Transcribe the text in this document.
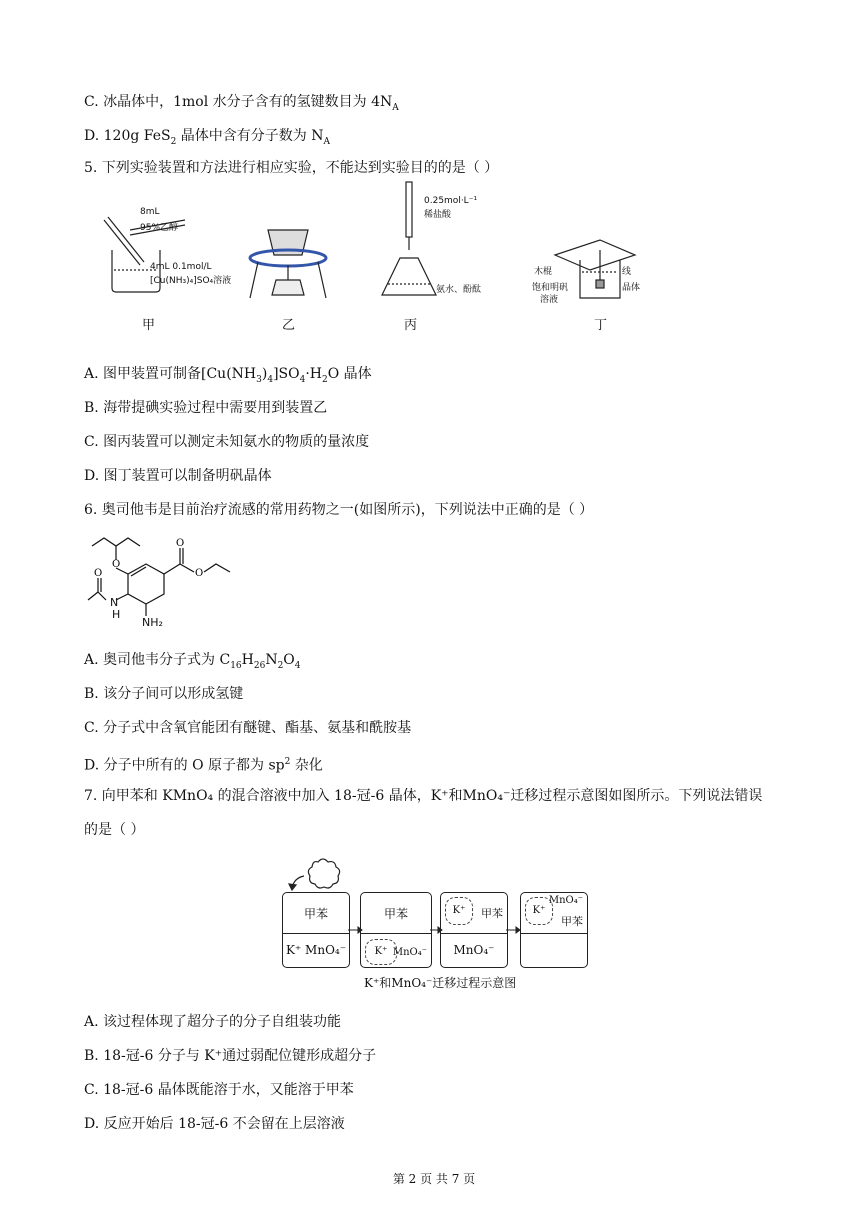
C. 冰晶体中，1mol 水分子含有的氢键数目为 $4N_A$
D. 120g FeS$_2$ 晶体中含有分子数为 $N_A$
5. 下列实验装置和方法进行相应实验，不能达到实验目的的是（ ）
8mL
95%乙醇
4mL 0.1mol/L
[Cu(NH₃)₄]SO₄溶液
0.25mol·L⁻¹
稀盐酸
氨水、酚酞
木棍	线
饱和明矾
溶液
晶体
甲	乙	丙	丁
A. 图甲装置可制备$[Cu(NH_3)_4]SO_4\cdot H_2O$ 晶体
B. 海带提碘实验过程中需要用到装置乙
C. 图丙装置可以测定未知氨水的物质的量浓度
D. 图丁装置可以制备明矾晶体
6. 奥司他韦是目前治疗流感的常用药物之一(如图所示)，下列说法中正确的是（ ）
O
O
O
O
N
H
NH₂
A. 奥司他韦分子式为 $C_{16}H_{26}N_2O_4$
B. 该分子间可以形成氢键
C. 分子式中含氧官能团有醚键、酯基、氨基和酰胺基
D. 分子中所有的 O 原子都为 $sp^2$ 杂化
7. 向甲苯和 KMnO₄ 的混合溶液中加入 18-冠-6 晶体，K⁺和MnO₄⁻迁移过程示意图如图所示。下列说法错误
的是（ ）
甲苯
K⁺ MnO₄⁻
甲苯
K⁺ MnO₄⁻
K⁺	甲苯
MnO₄⁻
K⁺
MnO₄⁻
甲苯
K⁺和MnO₄⁻迁移过程示意图
A. 该过程体现了超分子的分子自组装功能
B. 18-冠-6 分子与 K⁺通过弱配位键形成超分子
C. 18-冠-6 晶体既能溶于水，又能溶于甲苯
D. 反应开始后 18-冠-6 不会留在上层溶液
第 2 页 共 7 页
